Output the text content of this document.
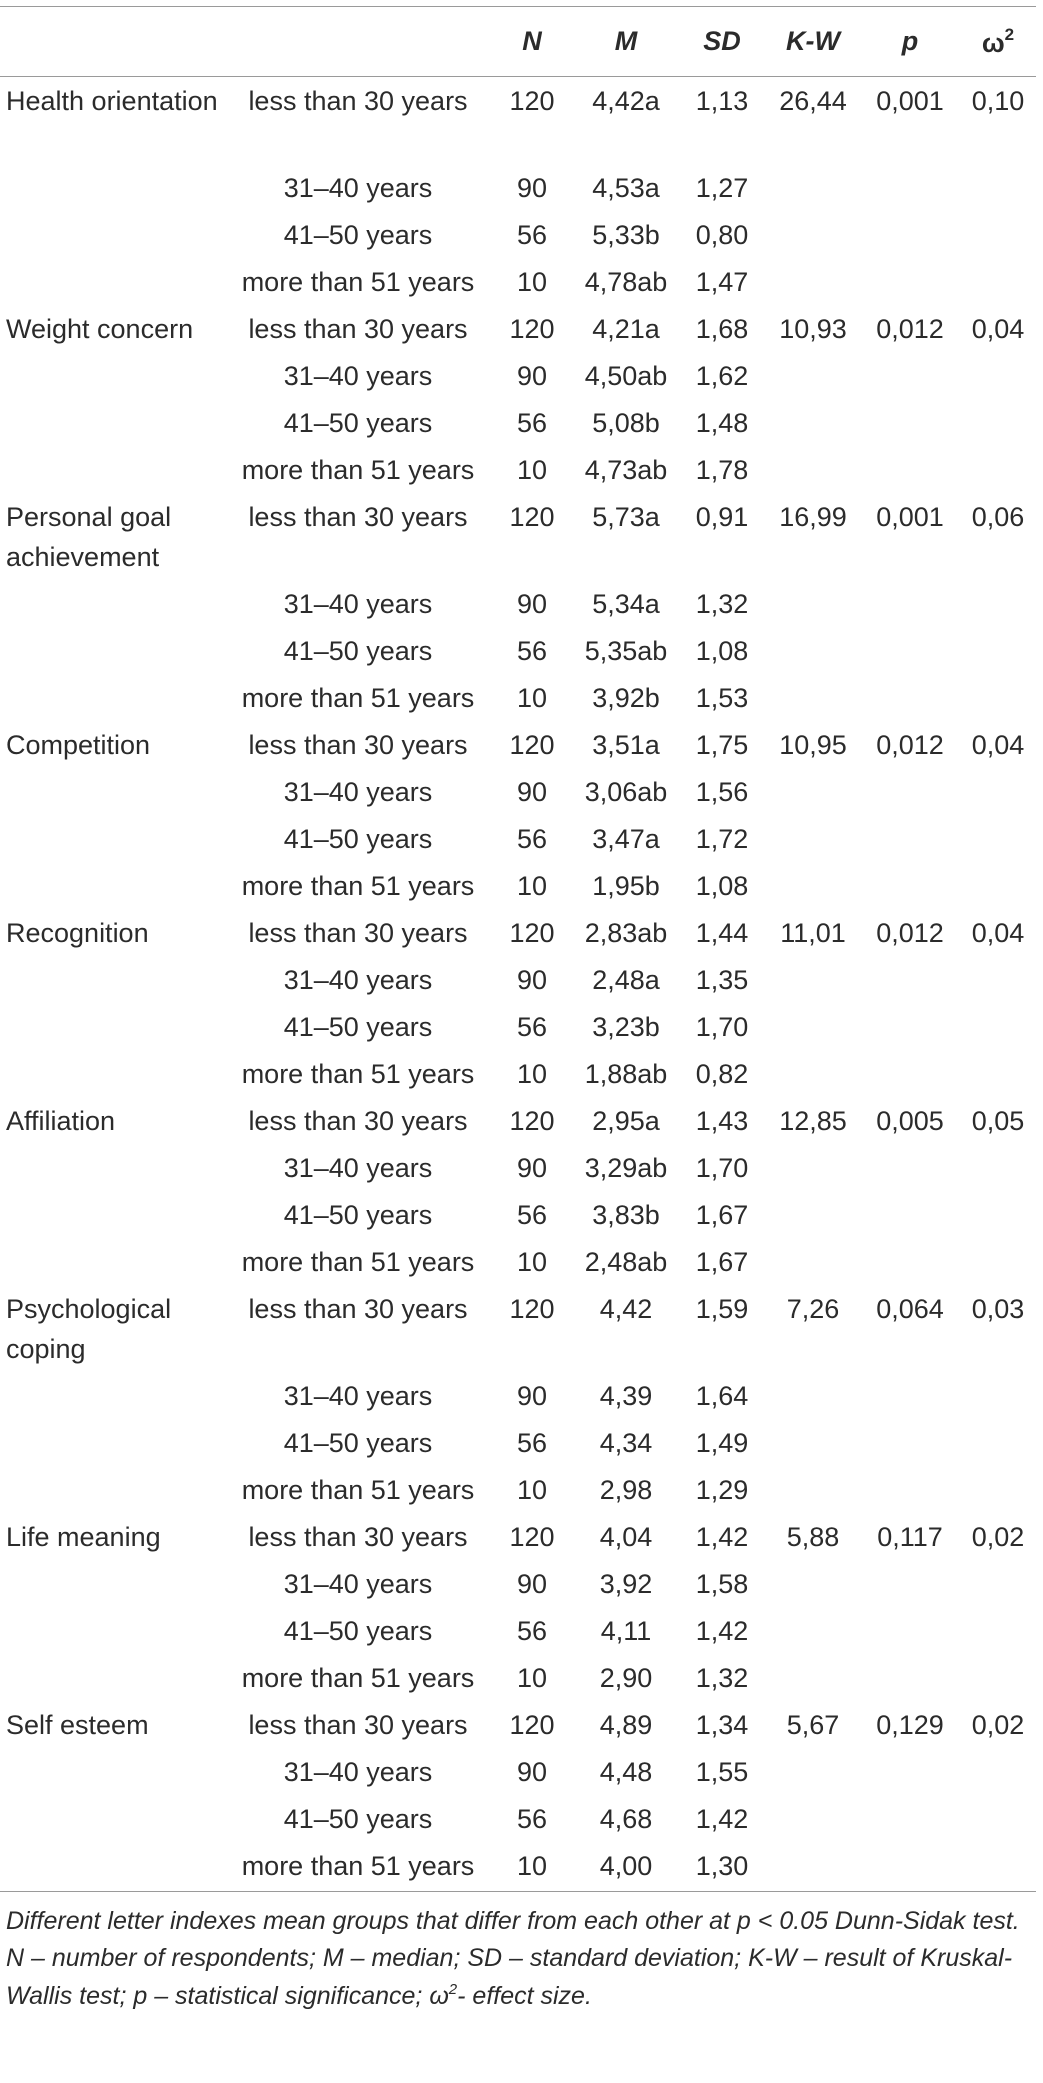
		N	M	SD	K-W	p	$\omega^2$
Health orientation	less than 30 years	120	4,42a	1,13	26,44	0,001	0,10
	31–40 years	90	4,53a	1,27			
	41–50 years	56	5,33b	0,80			
	more than 51 years	10	4,78ab	1,47			
Weight concern	less than 30 years	120	4,21a	1,68	10,93	0,012	0,04
	31–40 years	90	4,50ab	1,62			
	41–50 years	56	5,08b	1,48			
	more than 51 years	10	4,73ab	1,78			
Personal goal achievement	less than 30 years	120	5,73a	0,91	16,99	0,001	0,06
	31–40 years	90	5,34a	1,32			
	41–50 years	56	5,35ab	1,08			
	more than 51 years	10	3,92b	1,53			
Competition	less than 30 years	120	3,51a	1,75	10,95	0,012	0,04
	31–40 years	90	3,06ab	1,56			
	41–50 years	56	3,47a	1,72			
	more than 51 years	10	1,95b	1,08			
Recognition	less than 30 years	120	2,83ab	1,44	11,01	0,012	0,04
	31–40 years	90	2,48a	1,35			
	41–50 years	56	3,23b	1,70			
	more than 51 years	10	1,88ab	0,82			
Affiliation	less than 30 years	120	2,95a	1,43	12,85	0,005	0,05
	31–40 years	90	3,29ab	1,70			
	41–50 years	56	3,83b	1,67			
	more than 51 years	10	2,48ab	1,67			
Psychological coping	less than 30 years	120	4,42	1,59	7,26	0,064	0,03
	31–40 years	90	4,39	1,64			
	41–50 years	56	4,34	1,49			
	more than 51 years	10	2,98	1,29			
Life meaning	less than 30 years	120	4,04	1,42	5,88	0,117	0,02
	31–40 years	90	3,92	1,58			
	41–50 years	56	4,11	1,42			
	more than 51 years	10	2,90	1,32			
Self esteem	less than 30 years	120	4,89	1,34	5,67	0,129	0,02
	31–40 years	90	4,48	1,55			
	41–50 years	56	4,68	1,42			
	more than 51 years	10	4,00	1,30			

Different letter indexes mean groups that differ from each other at p < 0.05 Dunn-Sidak test.

N – number of respondents; M – median; SD – standard deviation; K-W – result of Kruskal-Wallis test; p – statistical significance; $\omega^2-$ effect size.
